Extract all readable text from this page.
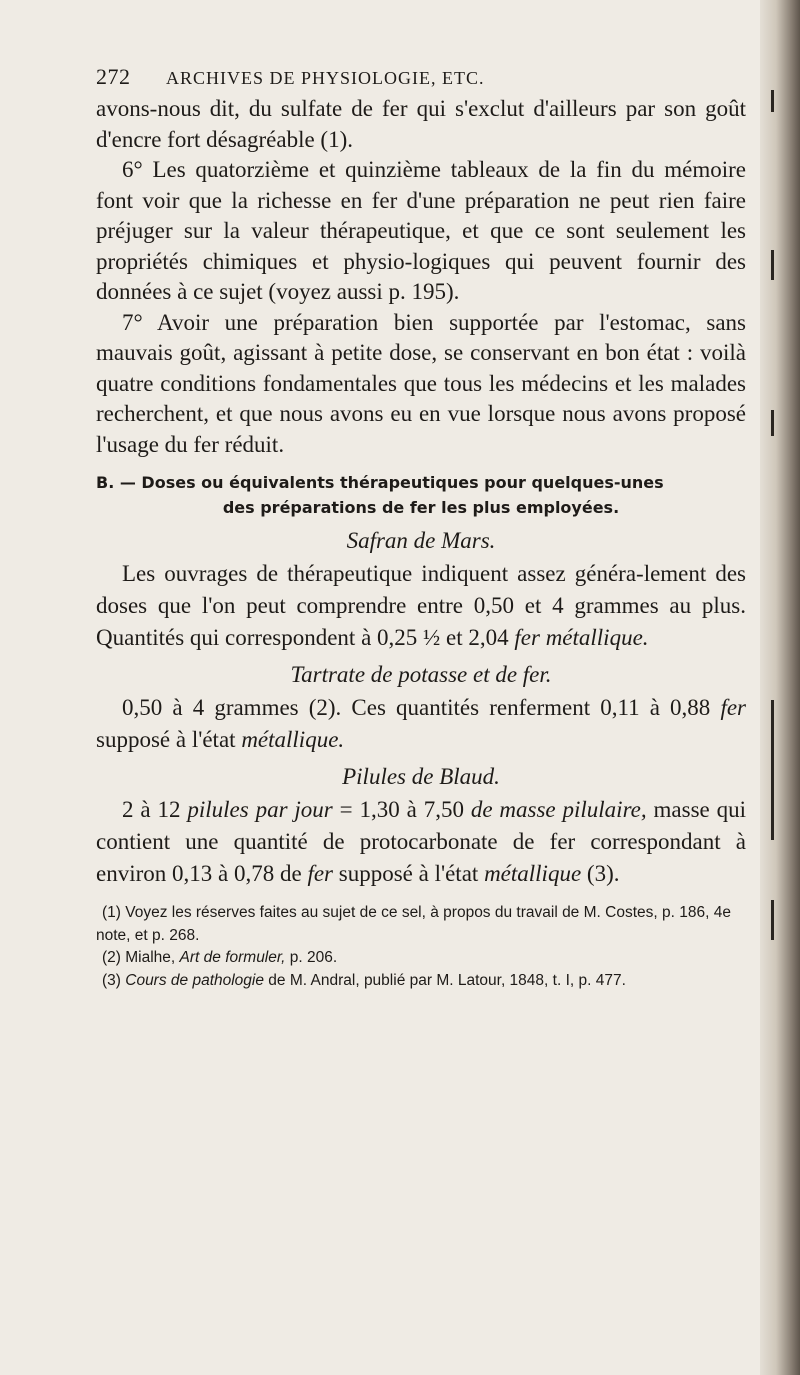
272	ARCHIVES DE PHYSIOLOGIE, ETC.

avons-nous dit, du sulfate de fer qui s'exclut d'ailleurs par son goût d'encre fort désagréable (1).

6° Les quatorzième et quinzième tableaux de la fin du mémoire font voir que la richesse en fer d'une préparation ne peut rien faire préjuger sur la valeur thérapeutique, et que ce sont seulement les propriétés chimiques et physio-logiques qui peuvent fournir des données à ce sujet (voyez aussi p. 195).

7° Avoir une préparation bien supportée par l'estomac, sans mauvais goût, agissant à petite dose, se conservant en bon état : voilà quatre conditions fondamentales que tous les médecins et les malades recherchent, et que nous avons eu en vue lorsque nous avons proposé l'usage du fer réduit.

B. — Doses ou équivalents thérapeutiques pour quelques-unes
des préparations de fer les plus employées.
Safran de Mars.

Les ouvrages de thérapeutique indiquent assez généra-lement des doses que l'on peut comprendre entre 0,50 et 4 grammes au plus. Quantités qui correspondent à 0,25 ½ et 2,04 fer métallique.

Tartrate de potasse et de fer.

0,50 à 4 grammes (2). Ces quantités renferment 0,11 à 0,88 fer supposé à l'état métallique.

Pilules de Blaud.

2 à 12 pilules par jour = 1,30 à 7,50 de masse pilulaire, masse qui contient une quantité de protocarbonate de fer correspondant à environ 0,13 à 0,78 de fer supposé à l'état métallique (3).

(1) Voyez les réserves faites au sujet de ce sel, à propos du travail de M. Costes, p. 186, 4e note, et p. 268.

(2) Mialhe, Art de formuler, p. 206.

(3) Cours de pathologie de M. Andral, publié par M. Latour, 1848, t. I, p. 477.
